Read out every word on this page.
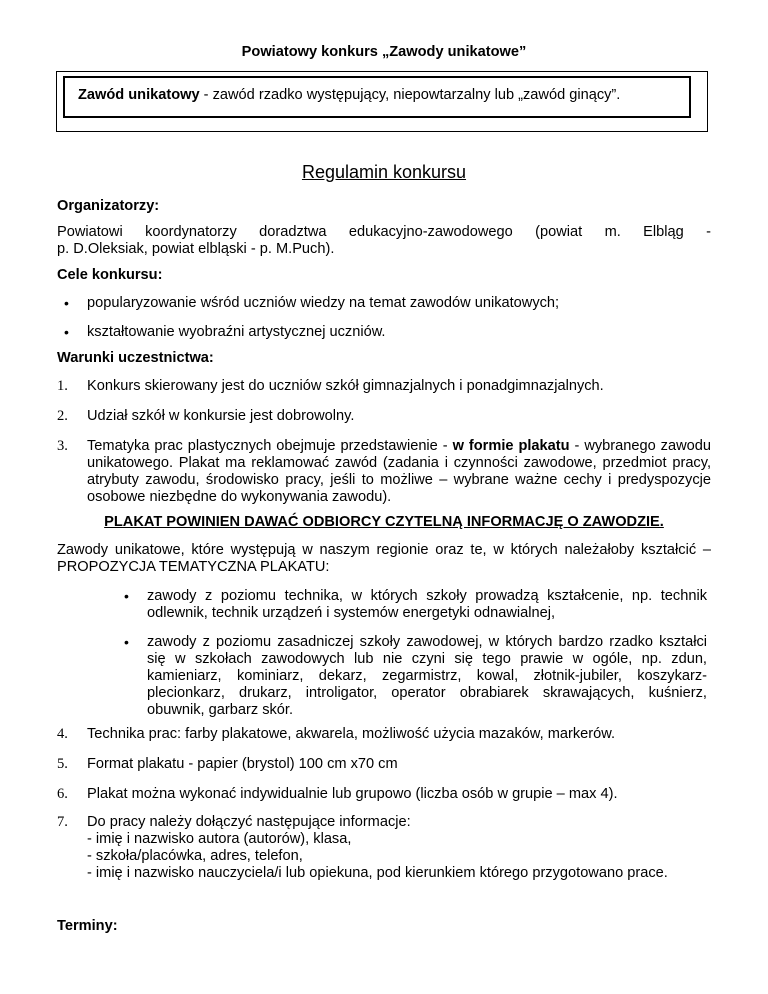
Powiatowy konkurs „Zawody unikatowe”
Zawód unikatowy - zawód rzadko występujący, niepowtarzalny lub „zawód ginący”.
Regulamin konkursu
Organizatorzy:
Powiatowi koordynatorzy doradztwa edukacyjno-zawodowego (powiat m. Elbląg -
p. D.Oleksiak, powiat elbląski - p. M.Puch).
Cele konkursu:
• popularyzowanie wśród uczniów wiedzy na temat zawodów unikatowych;
• kształtowanie wyobraźni artystycznej uczniów.
Warunki uczestnictwa:
1. Konkurs skierowany jest do uczniów szkół gimnazjalnych i ponadgimnazjalnych.
2. Udział szkół w konkursie jest dobrowolny.
3. Tematyka prac plastycznych obejmuje przedstawienie - w formie plakatu - wybranego zawodu unikatowego. Plakat ma reklamować zawód (zadania i czynności zawodowe, przedmiot pracy, atrybuty zawodu, środowisko pracy, jeśli to możliwe – wybrane ważne cechy i predyspozycje osobowe niezbędne do wykonywania zawodu).
PLAKAT POWINIEN DAWAĆ ODBIORCY CZYTELNĄ INFORMACJĘ O ZAWODZIE.
Zawody unikatowe, które występują w naszym regionie oraz te, w których należałoby kształcić – PROPOZYCJA TEMATYCZNA PLAKATU:
• zawody z poziomu technika, w których szkoły prowadzą kształcenie, np. technik odlewnik, technik urządzeń i systemów energetyki odnawialnej,
• zawody z poziomu zasadniczej szkoły zawodowej, w których bardzo rzadko kształci się w szkołach zawodowych lub nie czyni się tego prawie w ogóle, np. zdun, kamieniarz, kominiarz, dekarz, zegarmistrz, kowal, złotnik-jubiler, koszykarz-plecionkarz, drukarz, introligator, operator obrabiarek skrawających, kuśnierz, obuwnik, garbarz skór.
4. Technika prac: farby plakatowe, akwarela, możliwość użycia mazaków, markerów.
5. Format plakatu - papier (brystol) 100 cm x70 cm
6. Plakat można wykonać indywidualnie lub grupowo (liczba osób w grupie – max 4).
7. Do pracy należy dołączyć następujące informacje:
- imię i nazwisko autora (autorów), klasa,
- szkoła/placówka, adres, telefon,
- imię i nazwisko nauczyciela/i lub opiekuna, pod kierunkiem którego przygotowano prace.
Terminy:
